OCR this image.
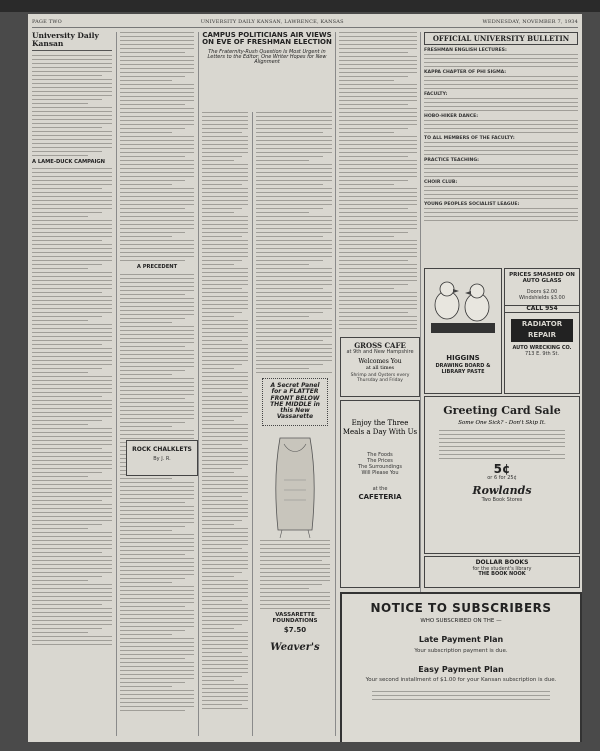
PAGE TWO	UNIVERSITY DAILY KANSAN, LAWRENCE, KANSAS	WEDNESDAY, NOVEMBER 7, 1934
University Daily Kansan
A LAME-DUCK CAMPAIGN
A PRECEDENT
ROCK CHALKLETS
By J. R.
CAMPUS POLITICIANS AIR VIEWS ON EVE OF FRESHMAN ELECTION
The Fraternity-Rush Question Is Most Urgent in Letters to the Editor; One Writer Hopes for New Alignment
GROSS CAFE
at 9th and New Hampshire
Welcomes You
at all times
Shrimp and Oysters every Thursday and Friday
A Secret Panel for a FLATTER FRONT BELOW THE MIDDLE in this New Vassarette
VASSARETTE FOUNDATIONS
$7.50
Weaver's
Enjoy the Three Meals a Day With Us
The Foods
The Prices
The Surroundings
Will Please You
at the
CAFETERIA
OFFICIAL UNIVERSITY BULLETIN
FRESHMAN ENGLISH LECTURES:
KAPPA CHAPTER OF PHI SIGMA:
FACULTY:
HOBO-HIKER DANCE:
TO ALL MEMBERS OF THE FACULTY:
PRACTICE TEACHING:
CHOIR CLUB:
YOUNG PEOPLES SOCIALIST LEAGUE:
HIGGINS
DRAWING BOARD & LIBRARY PASTE
PRICES SMASHED ON AUTO GLASS
Doors $2.00
Windshields $3.00
CALL 954
RADIATOR
REPAIR
AUTO WRECKING CO.
713 E. 9th St.
Greeting Card Sale
Some One Sick? - Don't Skip It.
5¢
or 6 for 25¢
Rowlands
Two Book Stores
DOLLAR BOOKS
for the student's library
THE BOOK NOOK
NOTICE TO SUBSCRIBERS
WHO SUBSCRIBED ON THE —
Late Payment Plan
Your subscription payment is due.
Easy Payment Plan
Your second installment of $1.00 for your Kansan subscription is due.
